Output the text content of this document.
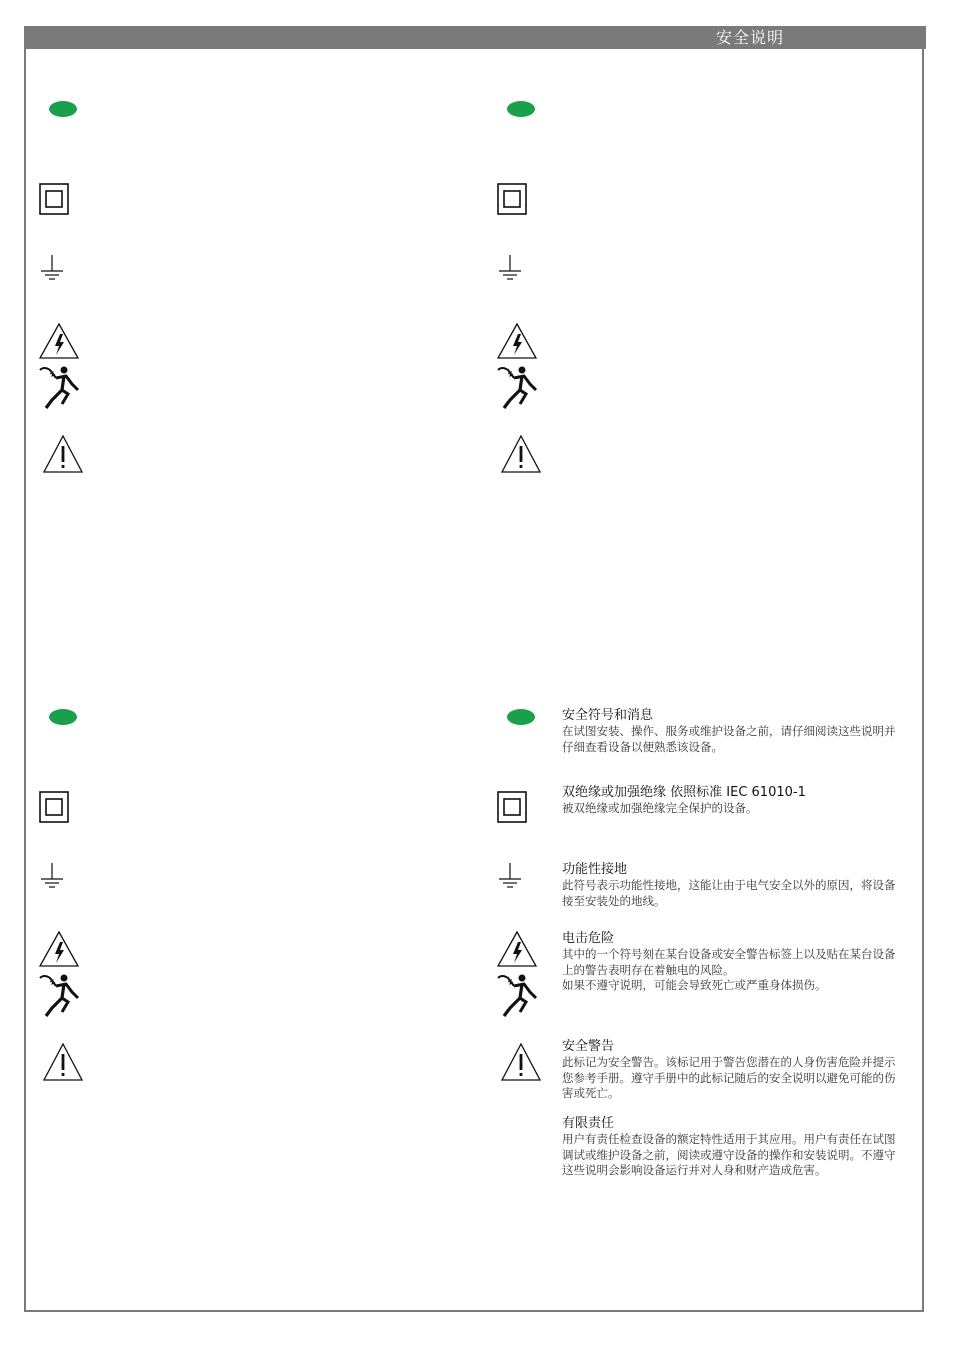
安全说明
安全符号和消息
在试图安装、操作、服务或维护设备之前，请仔细阅读这些说明并仔细查看设备以便熟悉该设备。
双绝缘或加强绝缘 依照标准 IEC 61010-1
被双绝缘或加强绝缘完全保护的设备。
功能性接地
此符号表示功能性接地，这能让由于电气安全以外的原因，将设备接至安装处的地线。
电击危险
其中的一个符号刻在某台设备或安全警告标签上以及贴在某台设备上的警告表明存在着触电的风险。
如果不遵守说明，可能会导致死亡或严重身体损伤。
安全警告
此标记为安全警告。该标记用于警告您潜在的人身伤害危险并提示您参考手册。遵守手册中的此标记随后的安全说明以避免可能的伤害或死亡。
有限责任
用户有责任检查设备的额定特性适用于其应用。用户有责任在试图调试或维护设备之前，阅读或遵守设备的操作和安装说明。不遵守这些说明会影响设备运行并对人身和财产造成危害。
